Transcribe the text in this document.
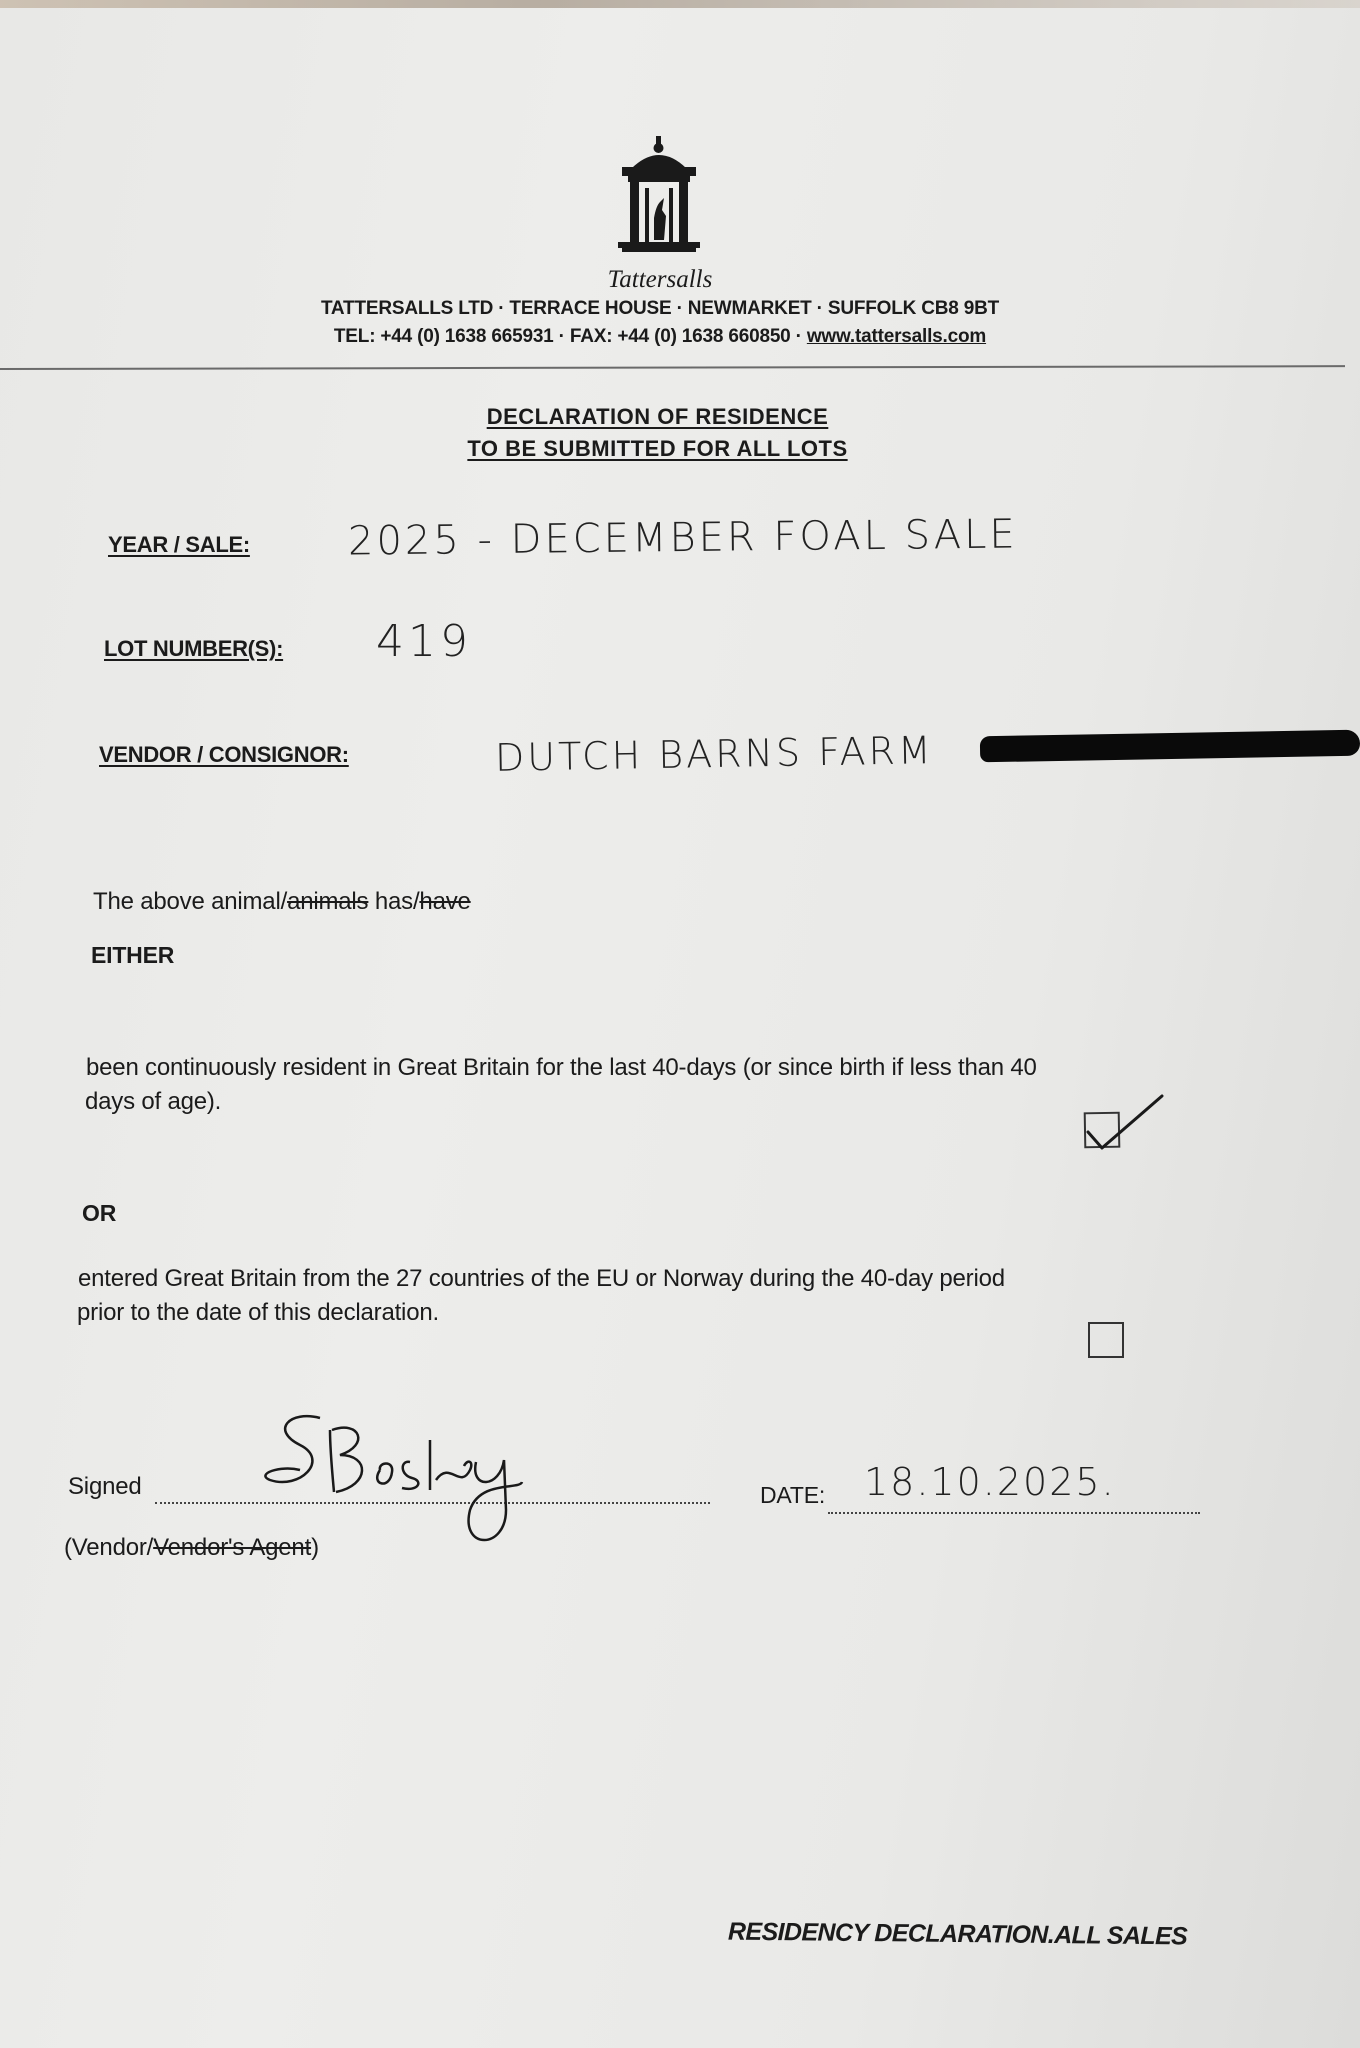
Tattersalls
TATTERSALLS LTD · TERRACE HOUSE · NEWMARKET · SUFFOLK CB8 9BT
TEL: +44 (0) 1638 665931 · FAX: +44 (0) 1638 660850 · www.tattersalls.com
DECLARATION OF RESIDENCE
TO BE SUBMITTED FOR ALL LOTS
YEAR / SALE: 2025 - DECEMBER FOAL SALE
LOT NUMBER(S): 419
VENDOR / CONSIGNOR:	DUTCH BARNS FARM
The above animal/animals has/have
EITHER
been continuously resident in Great Britain for the last 40-days (or since birth if less than 40
days of age).
OR
entered Great Britain from the 27 countries of the EU or Norway during the 40-day period
prior to the date of this declaration.
Signed	DATE: 18.10.2025.
(Vendor/Vendor's Agent)
RESIDENCY DECLARATION.ALL SALES
